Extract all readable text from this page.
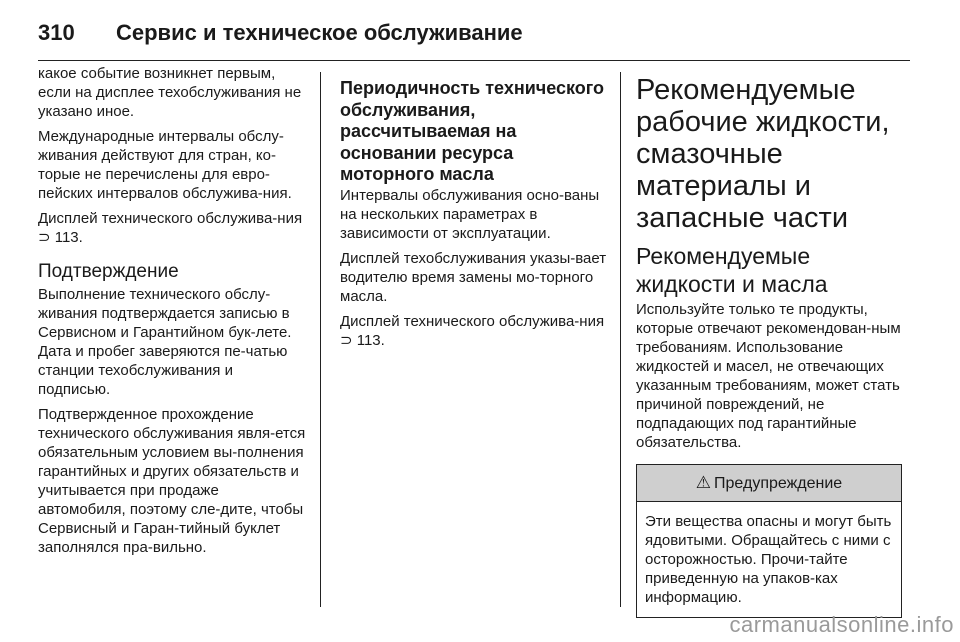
310 Сервис и техническое обслуживание

какое событие возникнет первым, если на дисплее техобслуживания не указано иное.

Международные интервалы обслу-живания действуют для стран, ко-торые не перечислены для евро-пейских интервалов обслужива-ния.

Дисплей технического обслужива-ния ⊃ 113.

Подтверждение

Выполнение технического обслу-живания подтверждается записью в Сервисном и Гарантийном бук-лете. Дата и пробег заверяются пе-чатью станции техобслуживания и подписью.

Подтвержденное прохождение технического обслуживания явля-ется обязательным условием вы-полнения гарантийных и других обязательств и учитывается при продаже автомобиля, поэтому сле-дите, чтобы Сервисный и Гаран-тийный буклет заполнялся пра-вильно.

Периодичность технического обслуживания, рассчитываемая на основании ресурса моторного масла

Интервалы обслуживания осно-ваны на нескольких параметрах в зависимости от эксплуатации.

Дисплей техобслуживания указы-вает водителю время замены мо-торного масла.

Дисплей технического обслужива-ния ⊃ 113.

Рекомендуемые рабочие жидкости, смазочные материалы и запасные части
Рекомендуемые жидкости и масла

Используйте только те продукты, которые отвечают рекомендован-ным требованиям. Использование жидкостей и масел, не отвечающих указанным требованиям, может стать причиной повреждений, не подпадающих под гарантийные обязательства.

⚠ Предупреждение

Эти вещества опасны и могут быть ядовитыми. Обращайтесь с ними с осторожностью. Прочи-тайте приведенную на упаков-ках информацию.

carmanualsonline.info
